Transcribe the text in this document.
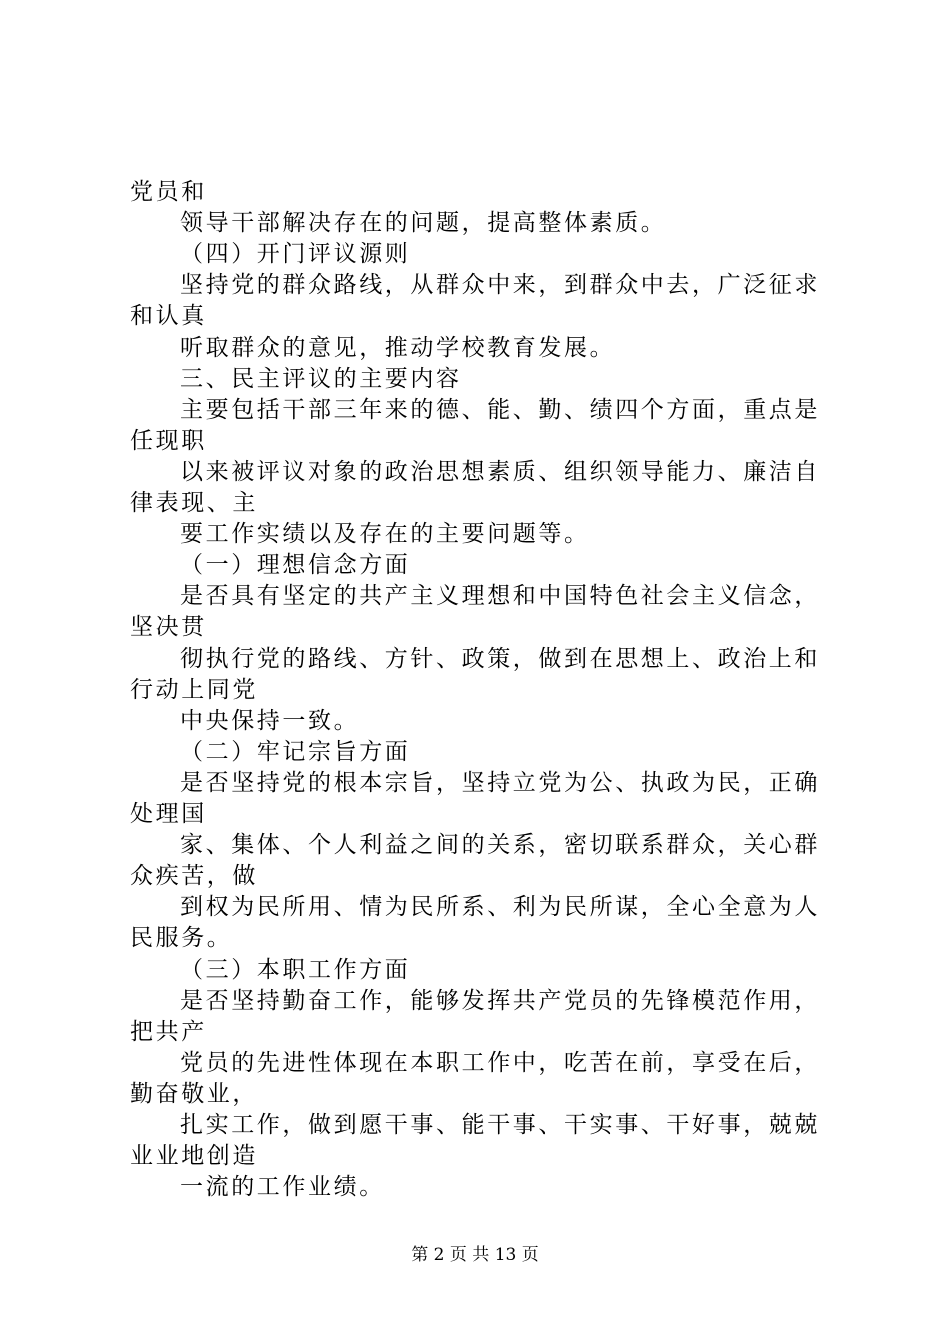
党员和
领导干部解决存在的问题，提高整体素质。
（四）开门评议源则
坚持党的群众路线，从群众中来，到群众中去，广泛征求
和认真
听取群众的意见，推动学校教育发展。
三、民主评议的主要内容
主要包括干部三年来的德、能、勤、绩四个方面，重点是
任现职
以来被评议对象的政治思想素质、组织领导能力、廉洁自
律表现、主
要工作实绩以及存在的主要问题等。
（一）理想信念方面
是否具有坚定的共产主义理想和中国特色社会主义信念，
坚决贯
彻执行党的路线、方针、政策，做到在思想上、政治上和
行动上同党
中央保持一致。
（二）牢记宗旨方面
是否坚持党的根本宗旨，坚持立党为公、执政为民，正确
处理国
家、集体、个人利益之间的关系，密切联系群众，关心群
众疾苦，做
到权为民所用、情为民所系、利为民所谋，全心全意为人
民服务。
（三）本职工作方面
是否坚持勤奋工作，能够发挥共产党员的先锋模范作用，
把共产
党员的先进性体现在本职工作中，吃苦在前，享受在后，
勤奋敬业，
扎实工作，做到愿干事、能干事、干实事、干好事，兢兢
业业地创造
一流的工作业绩。
第 2 页 共 13 页
